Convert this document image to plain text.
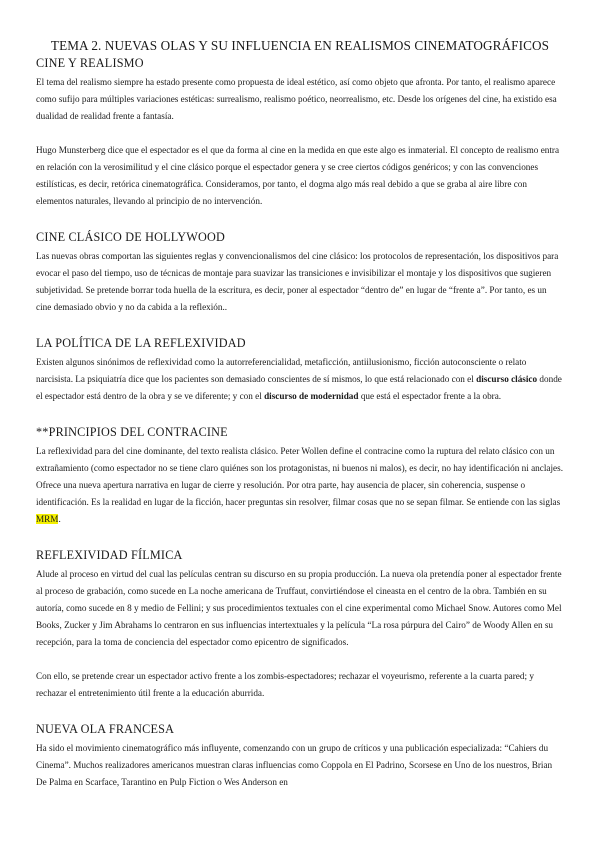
TEMA 2. NUEVAS OLAS Y SU INFLUENCIA EN REALISMOS CINEMATOGRÁFICOS
CINE Y REALISMO

El tema del realismo siempre ha estado presente como propuesta de ideal estético, así como objeto que afronta. Por tanto, el realismo aparece como sufijo para múltiples variaciones estéticas: surrealismo, realismo poético, neorrealismo, etc. Desde los orígenes del cine, ha existido esa dualidad de realidad frente a fantasía.

Hugo Munsterberg dice que el espectador es el que da forma al cine en la medida en que este algo es inmaterial. El concepto de realismo entra en relación con la verosimilitud y el cine clásico porque el espectador genera y se cree ciertos códigos genéricos; y con las convenciones estilísticas, es decir, retórica cinematográfica. Consideramos, por tanto, el dogma algo más real debido a que se graba al aire libre con elementos naturales, llevando al principio de no intervención.

CINE CLÁSICO DE HOLLYWOOD

Las nuevas obras comportan las siguientes reglas y convencionalismos del cine clásico: los protocolos de representación, los dispositivos para evocar el paso del tiempo, uso de técnicas de montaje para suavizar las transiciones e invisibilizar el montaje y los dispositivos que sugieren subjetividad. Se pretende borrar toda huella de la escritura, es decir, poner al espectador “dentro de” en lugar de “frente a”. Por tanto, es un cine demasiado obvio y no da cabida a la reflexión..

LA POLÍTICA DE LA REFLEXIVIDAD

Existen algunos sinónimos de reflexividad como la autorreferencialidad, metaficción, antiilusionismo, ficción autoconsciente o relato narcisista. La psiquiatría dice que los pacientes son demasiado conscientes de sí mismos, lo que está relacionado con el discurso clásico donde el espectador está dentro de la obra y se ve diferente; y con el discurso de modernidad que está el espectador frente a la obra.

**PRINCIPIOS DEL CONTRACINE

La reflexividad para del cine dominante, del texto realista clásico. Peter Wollen define el contracine como la ruptura del relato clásico con un extrañamiento (como espectador no se tiene claro quiénes son los protagonistas, ni buenos ni malos), es decir, no hay identificación ni anclajes. Ofrece una nueva apertura narrativa en lugar de cierre y resolución. Por otra parte, hay ausencia de placer, sin coherencia, suspense o identificación. Es la realidad en lugar de la ficción, hacer preguntas sin resolver, filmar cosas que no se sepan filmar. Se entiende con las siglas MRM.

REFLEXIVIDAD FÍLMICA

Alude al proceso en virtud del cual las películas centran su discurso en su propia producción. La nueva ola pretendía poner al espectador frente al proceso de grabación, como sucede en La noche americana de Truffaut, convirtiéndose el cineasta en el centro de la obra. También en su autoría, como sucede en 8 y medio de Fellini; y sus procedimientos textuales con el cine experimental como Michael Snow. Autores como Mel Books, Zucker y Jim Abrahams lo centraron en sus influencias intertextuales y la película “La rosa púrpura del Cairo” de Woody Allen en su recepción, para la toma de conciencia del espectador como epicentro de significados.

Con ello, se pretende crear un espectador activo frente a los zombis-espectadores; rechazar el voyeurismo, referente a la cuarta pared; y rechazar el entretenimiento útil frente a la educación aburrida.

NUEVA OLA FRANCESA

Ha sido el movimiento cinematográfico más influyente, comenzando con un grupo de críticos y una publicación especializada: “Cahiers du Cinema”. Muchos realizadores americanos muestran claras influencias como Coppola en El Padrino, Scorsese en Uno de los nuestros, Brian De Palma en Scarface, Tarantino en Pulp Fiction o Wes Anderson en
